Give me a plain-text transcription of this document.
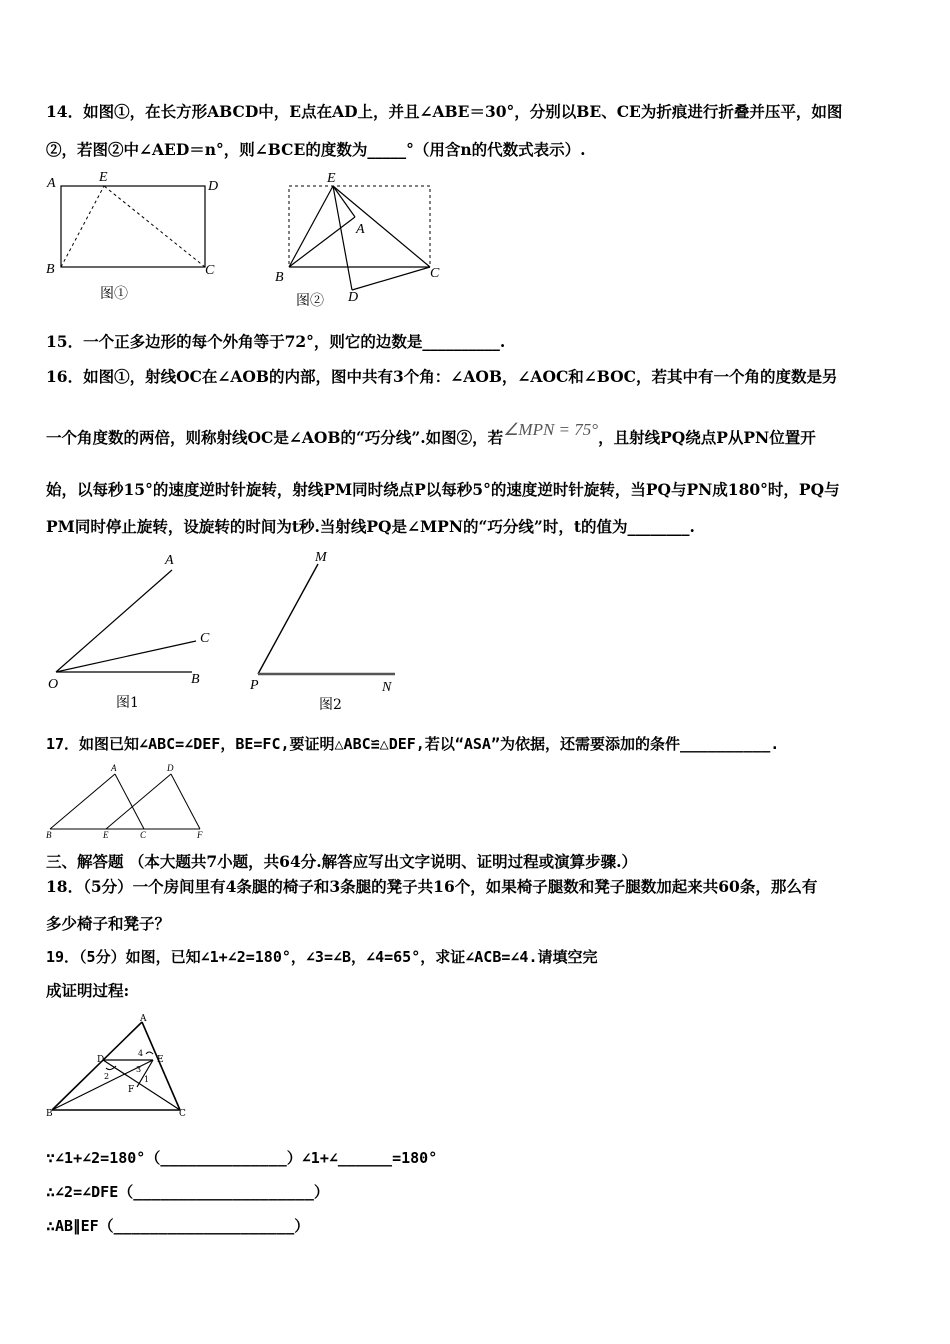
14．如图①，在长方形ABCD中，E点在AD上，并且∠ABE＝30°，分别以BE、CE为折痕进行折叠并压平，如图
②，若图②中∠AED＝n°，则∠BCE的度数为_____°（用含n的代数式表示）.
A	E
D
B	C
图①
E
A
B	C
D
图②
15．一个正多边形的每个外角等于72°，则它的边数是__________.
16．如图①，射线OC在∠AOB的内部，图中共有3个角：∠AOB，∠AOC和∠BOC，若其中有一个角的度数是另
一个角度数的两倍，则称射线OC是∠AOB的“巧分线”.如图②，若∠MPN = 75°，且射线PQ绕点P从PN位置开
始，以每秒15°的速度逆时针旋转，射线PM同时绕点P以每秒5°的速度逆时针旋转，当PQ与PN成180°时，PQ与
PM同时停止旋转，设旋转的时间为t秒.当射线PQ是∠MPN的“巧分线”时，t的值为________.
A
C
O	B
图1
M
P	N
图2
17．如图已知∠ABC=∠DEF，BE=FC,要证明△ABC≌△DEF,若以“ASA”为依据，还需要添加的条件__________.
A	D
B	E	C	F
三、解答题 （本大题共7小题，共64分.解答应写出文字说明、证明过程或演算步骤.）
18．（5分）一个房间里有4条腿的椅子和3条腿的凳子共16个，如果椅子腿数和凳子腿数加起来共60条，那么有
多少椅子和凳子？
19．（5分）如图，已知∠1+∠2=180°，∠3=∠B，∠4=65°，求证∠ACB=∠4.请填空完
成证明过程:
A
D	E
B	C
F
1
2
3
4
∵∠1+∠2=180°（______________）∠1+∠______=180°
∴∠2=∠DFE（____________________）
∴AB∥EF（____________________）
